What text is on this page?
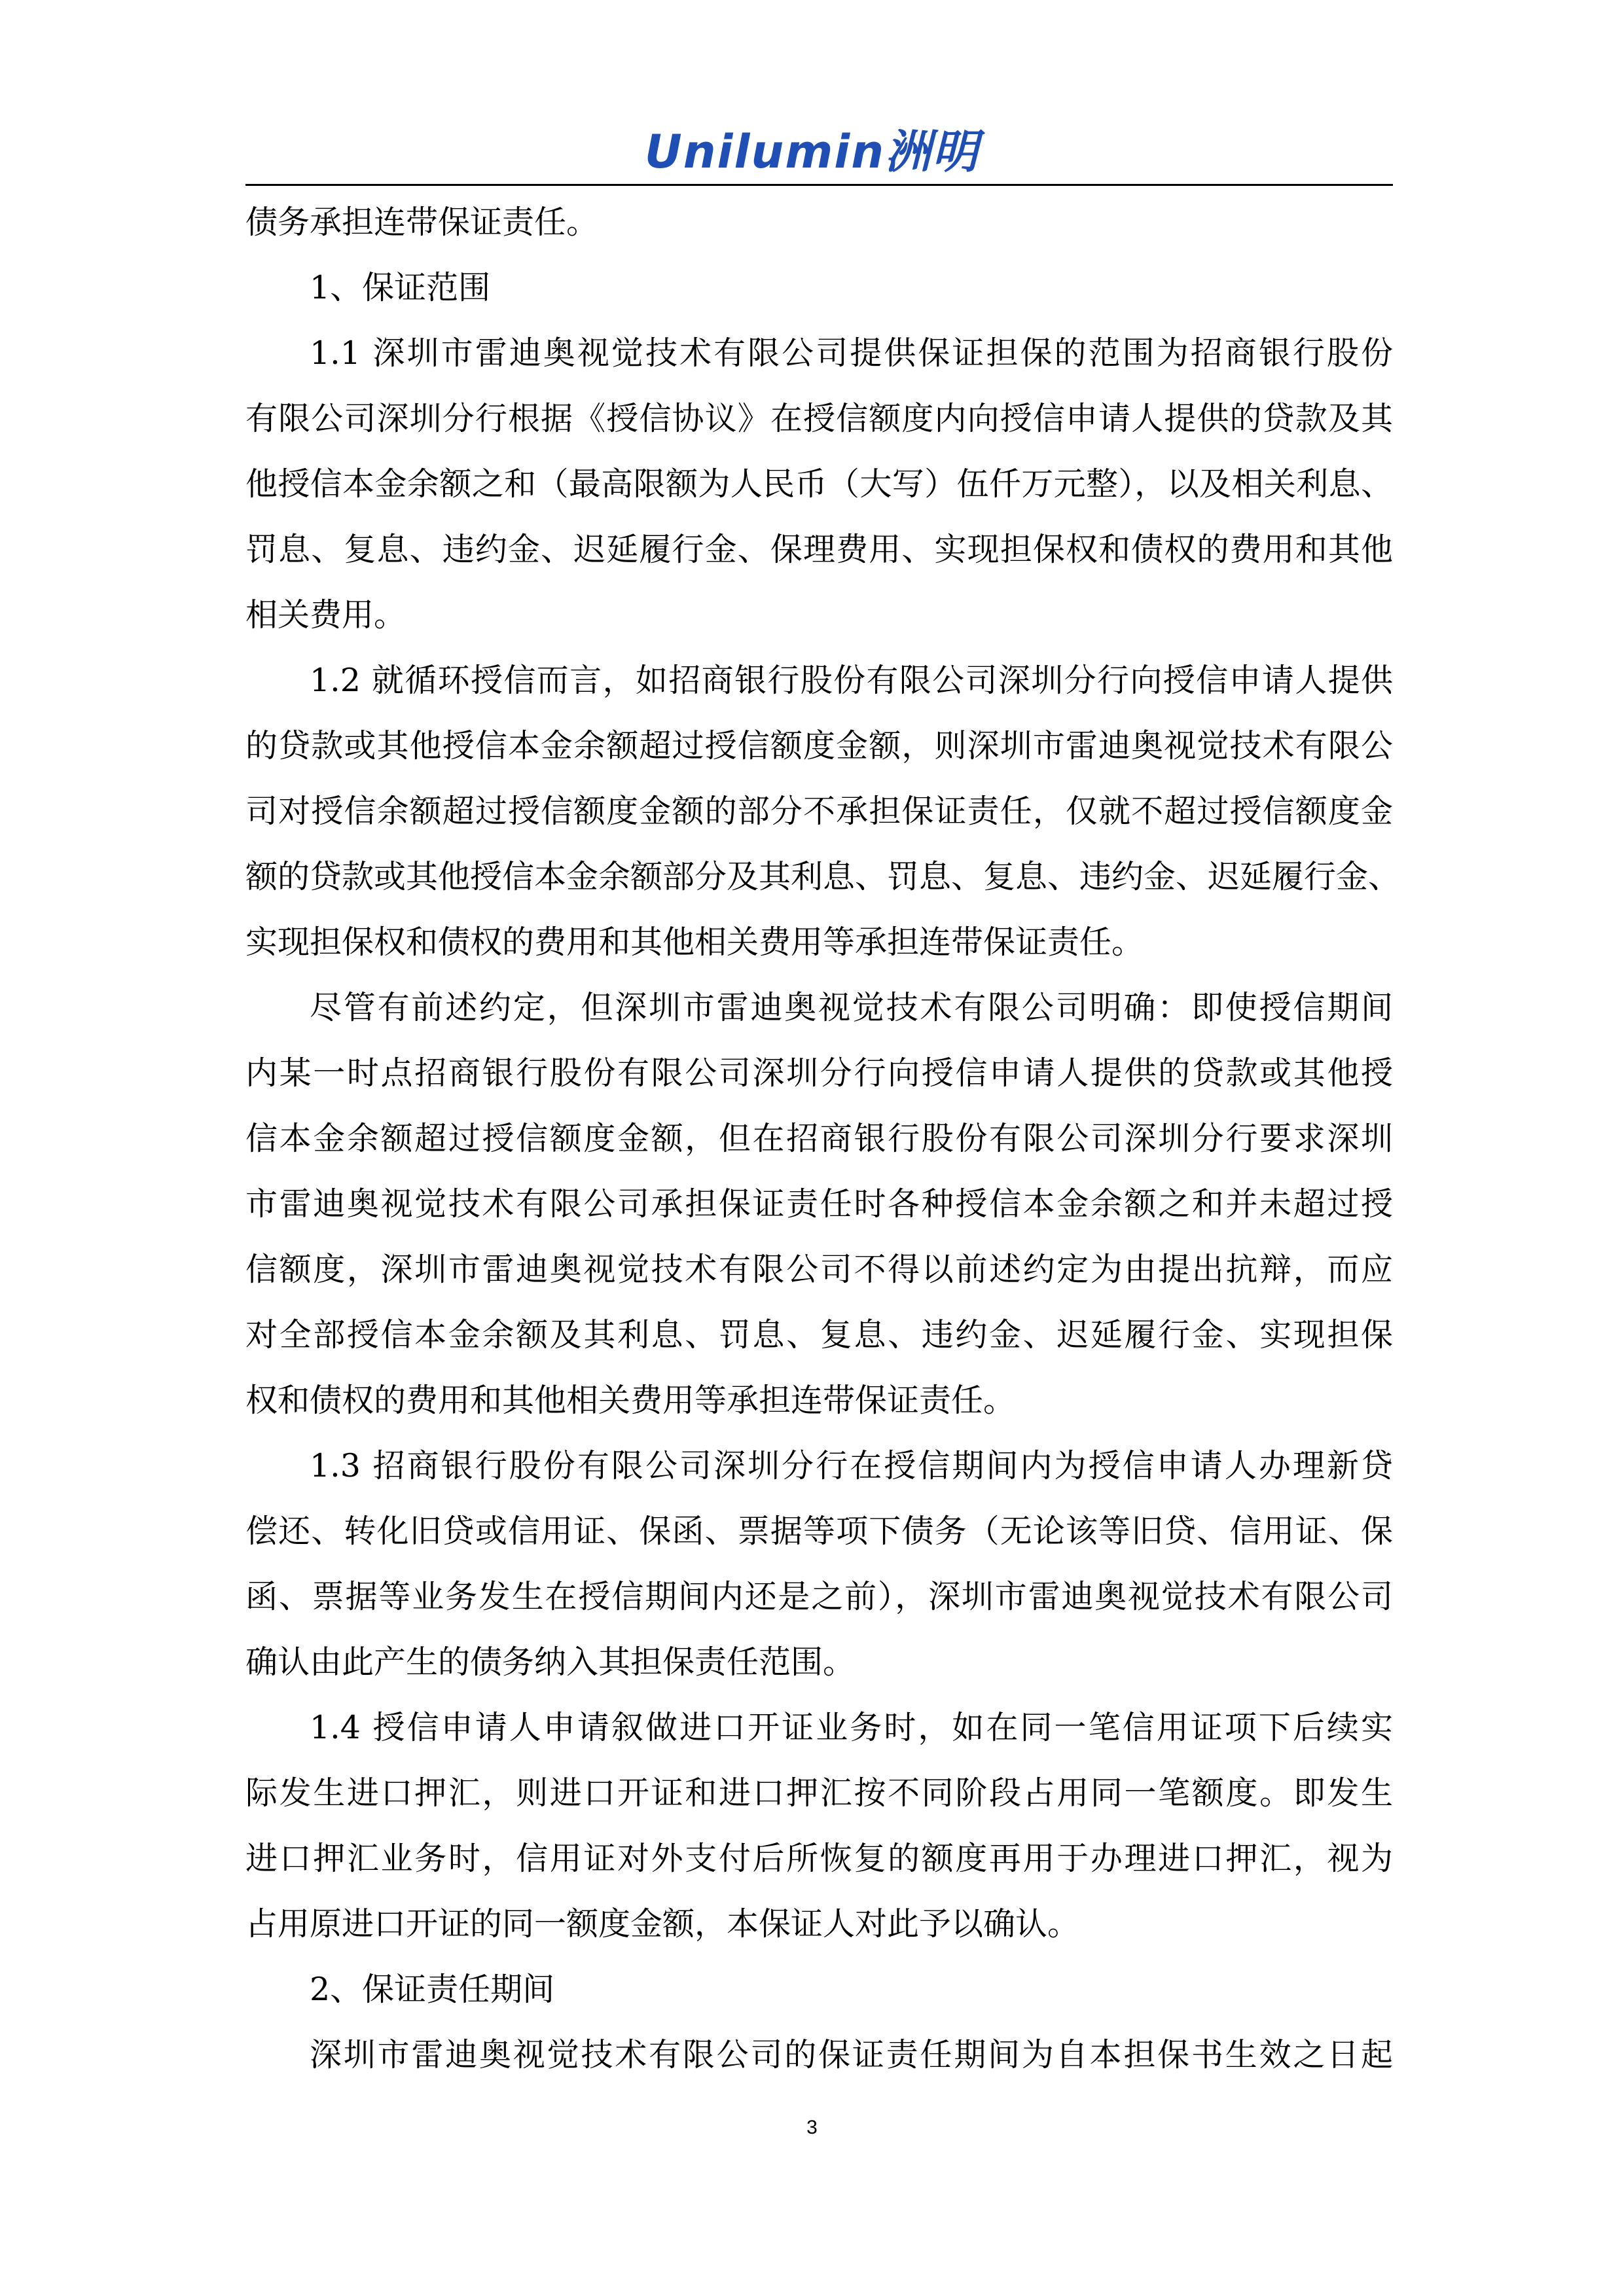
Unilumin洲明
债务承担连带保证责任。
1、保证范围
1.1 深圳市雷迪奥视觉技术有限公司提供保证担保的范围为招商银行股份
有限公司深圳分行根据《授信协议》在授信额度内向授信申请人提供的贷款及其
他授信本金余额之和（最高限额为人民币（大写）伍仟万元整），以及相关利息、
罚息、复息、违约金、迟延履行金、保理费用、实现担保权和债权的费用和其他
相关费用。
1.2 就循环授信而言，如招商银行股份有限公司深圳分行向授信申请人提供
的贷款或其他授信本金余额超过授信额度金额，则深圳市雷迪奥视觉技术有限公
司对授信余额超过授信额度金额的部分不承担保证责任，仅就不超过授信额度金
额的贷款或其他授信本金余额部分及其利息、罚息、复息、违约金、迟延履行金、
实现担保权和债权的费用和其他相关费用等承担连带保证责任。
尽管有前述约定，但深圳市雷迪奥视觉技术有限公司明确：即使授信期间
内某一时点招商银行股份有限公司深圳分行向授信申请人提供的贷款或其他授
信本金余额超过授信额度金额，但在招商银行股份有限公司深圳分行要求深圳
市雷迪奥视觉技术有限公司承担保证责任时各种授信本金余额之和并未超过授
信额度，深圳市雷迪奥视觉技术有限公司不得以前述约定为由提出抗辩，而应
对全部授信本金余额及其利息、罚息、复息、违约金、迟延履行金、实现担保
权和债权的费用和其他相关费用等承担连带保证责任。
1.3 招商银行股份有限公司深圳分行在授信期间内为授信申请人办理新贷
偿还、转化旧贷或信用证、保函、票据等项下债务（无论该等旧贷、信用证、保
函、票据等业务发生在授信期间内还是之前），深圳市雷迪奥视觉技术有限公司
确认由此产生的债务纳入其担保责任范围。
1.4 授信申请人申请叙做进口开证业务时，如在同一笔信用证项下后续实
际发生进口押汇，则进口开证和进口押汇按不同阶段占用同一笔额度。即发生
进口押汇业务时，信用证对外支付后所恢复的额度再用于办理进口押汇，视为
占用原进口开证的同一额度金额，本保证人对此予以确认。
2、保证责任期间
深圳市雷迪奥视觉技术有限公司的保证责任期间为自本担保书生效之日起
3
